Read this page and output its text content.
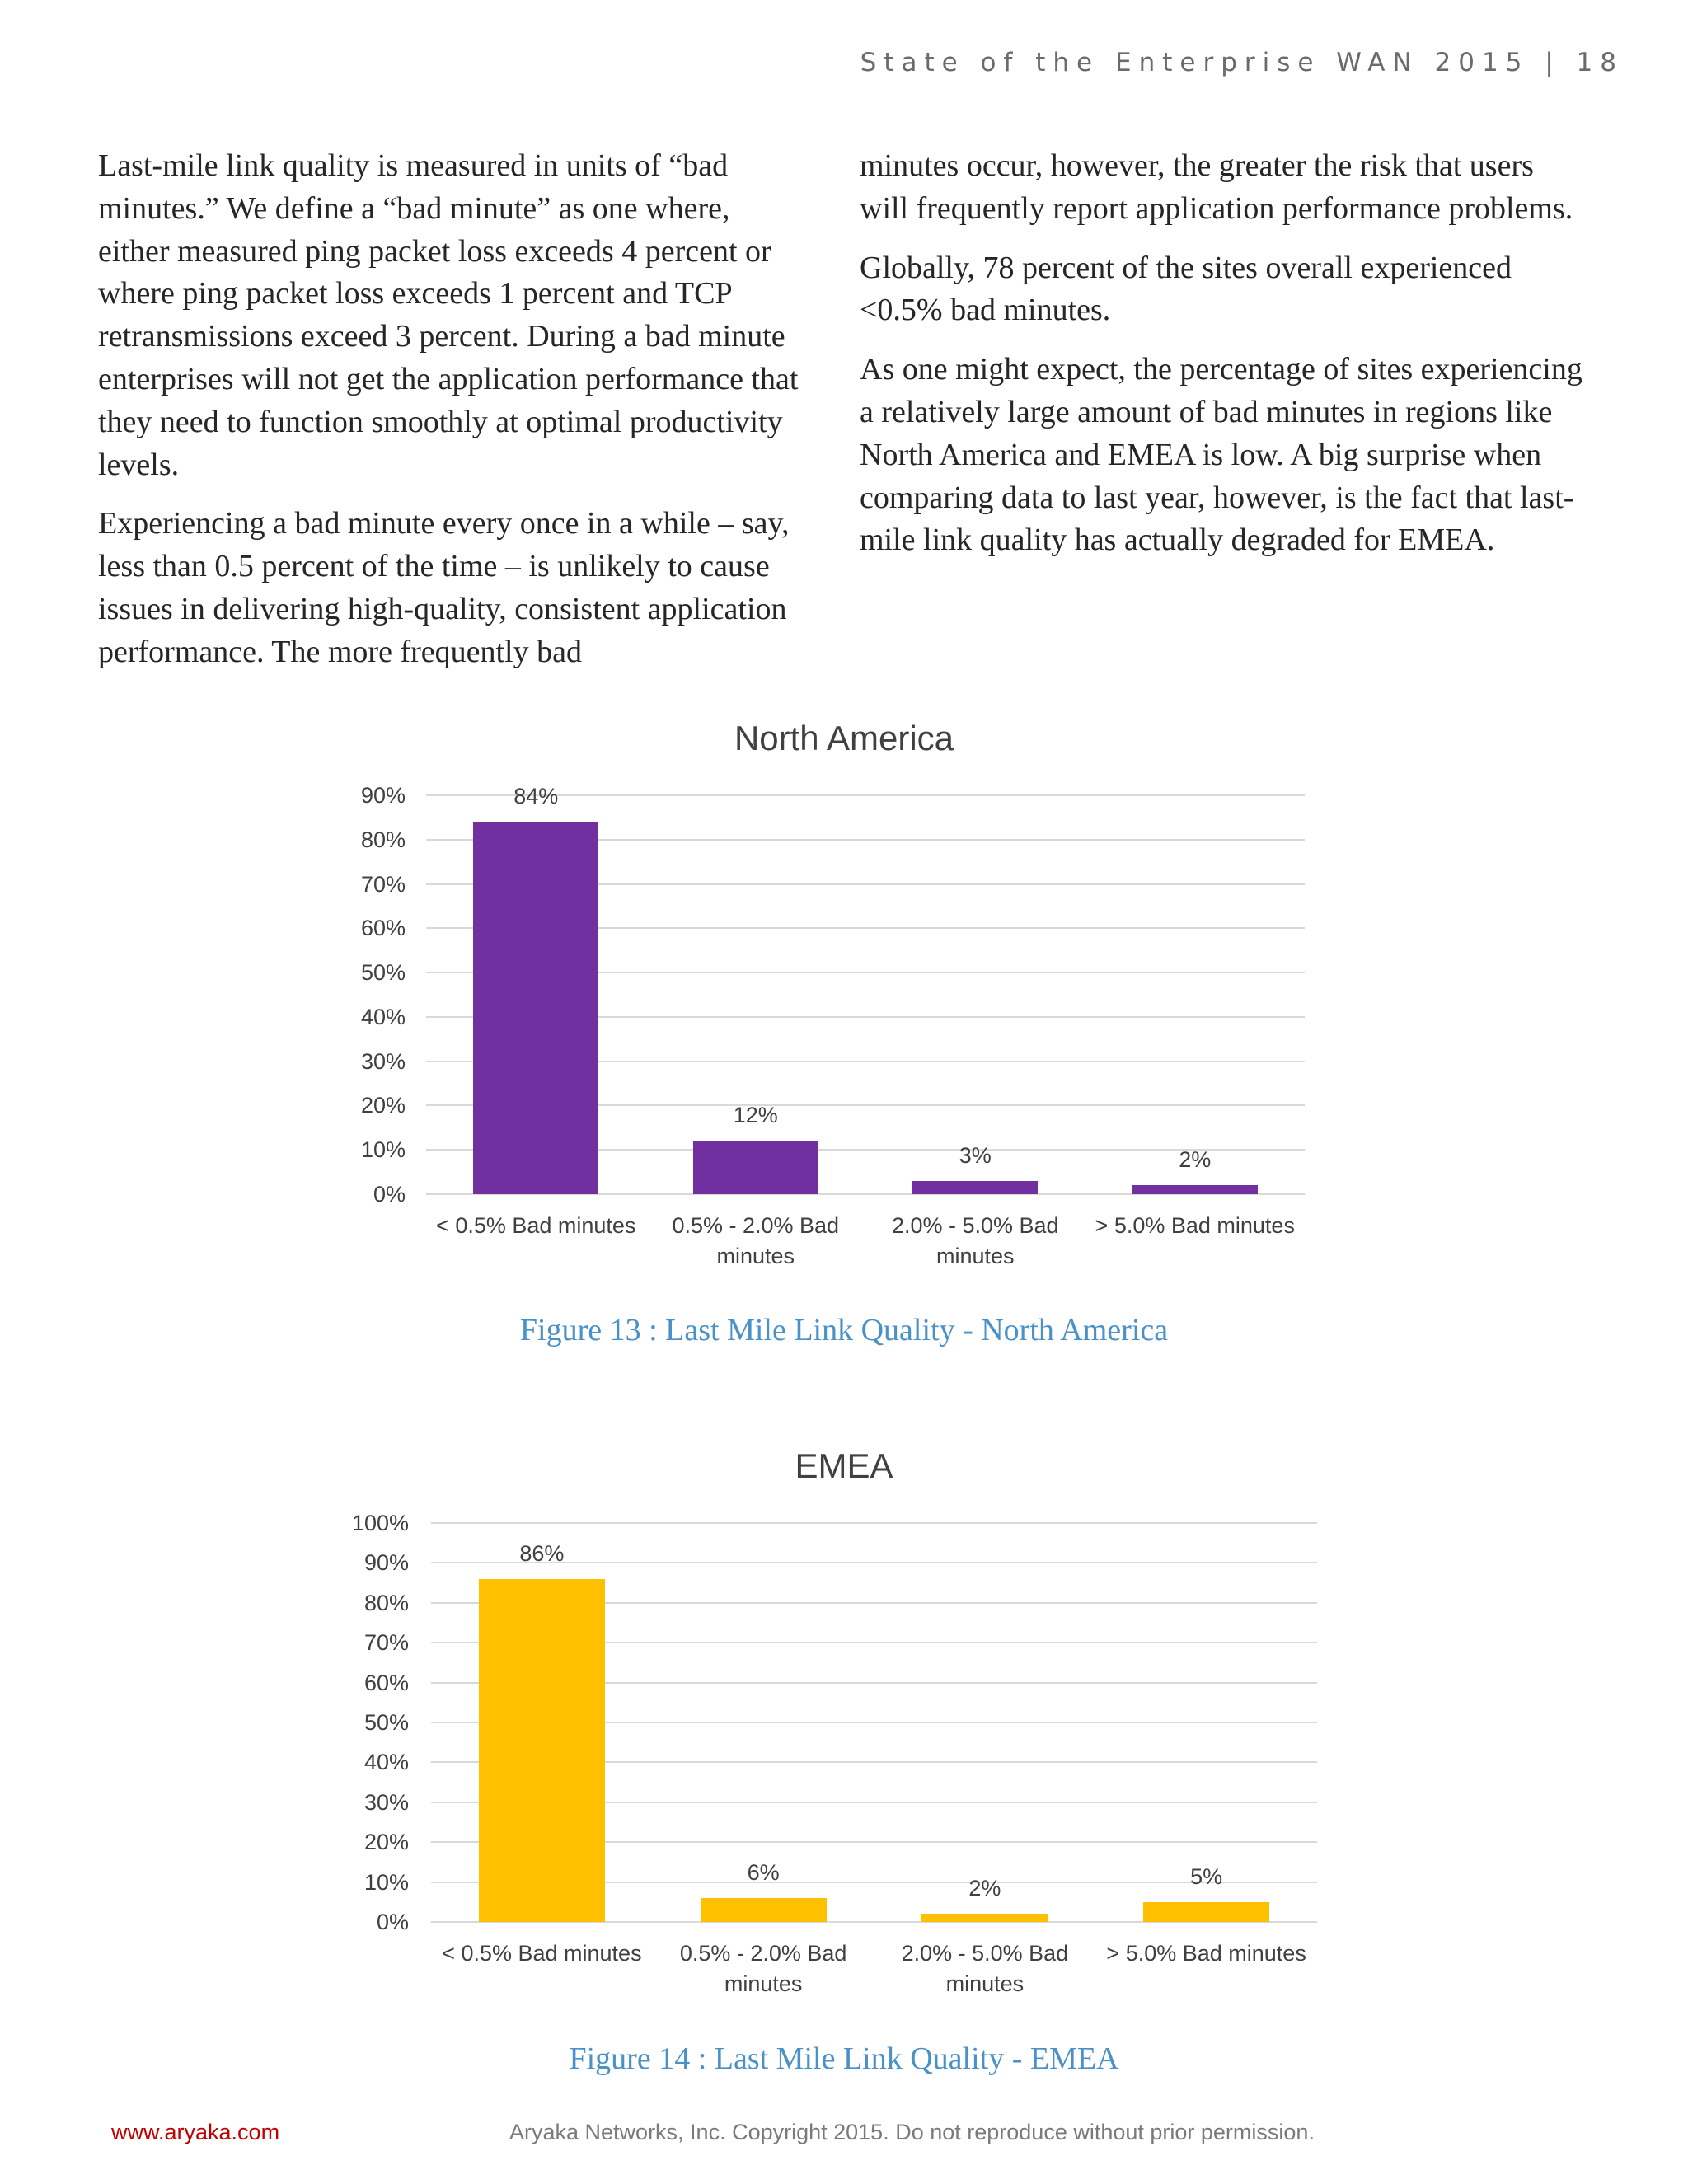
State of the Enterprise WAN 2015 | 18

Last-mile link quality is measured in units of “bad minutes.” We define a “bad minute” as one where, either measured ping packet loss exceeds 4 percent or where ping packet loss exceeds 1 percent and TCP retransmissions exceed 3 percent. During a bad minute enterprises will not get the application performance that they need to function smoothly at optimal productivity levels.

Experiencing a bad minute every once in a while – say, less than 0.5 percent of the time – is unlikely to cause issues in delivering high-quality, consistent application performance. The more frequently bad

minutes occur, however, the greater the risk that users will frequently report application performance problems.

Globally, 78 percent of the sites overall experienced <0.5% bad minutes.

As one might expect, the percentage of sites experiencing a relatively large amount of bad minutes in regions like North America and EMEA is low. A big surprise when comparing data to last year, however, is the fact that last-mile link quality has actually degraded for EMEA.

North America
0%
10%
20%
30%
40%
50%
60%
70%
80%
90%	84%
< 0.5% Bad minutes
12%
0.5% - 2.0% Bad minutes
3%
2.0% - 5.0% Bad minutes
2%
> 5.0% Bad minutes
EMEA
0%
10%
20%
30%
40%
50%
60%
70%
80%
90%
100%
86%
< 0.5% Bad minutes
6%
0.5% - 2.0% Bad minutes
2%
2.0% - 5.0% Bad minutes
5%
> 5.0% Bad minutes
Figure 13 : Last Mile Link Quality - North America
Figure 14 : Last Mile Link Quality - EMEA
www.aryaka.com	Aryaka Networks, Inc. Copyright 2015. Do not reproduce without prior permission.
